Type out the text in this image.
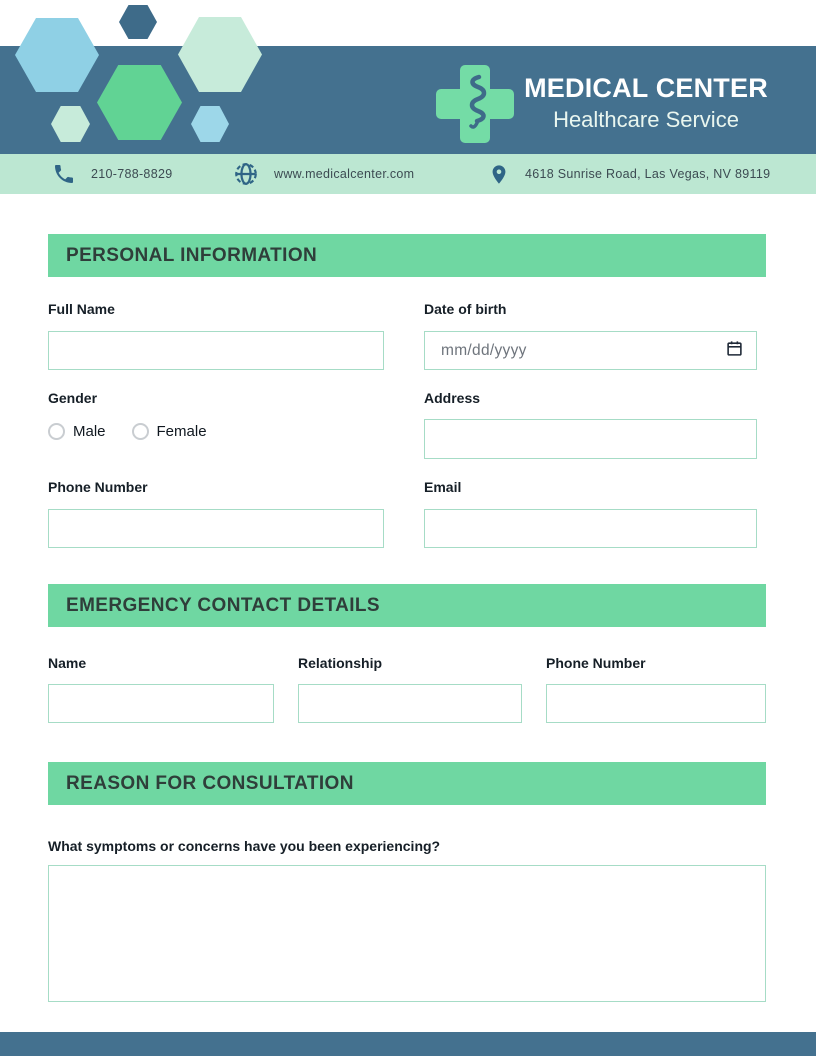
MEDICAL CENTER
Healthcare Service
210-788-8829	www.medicalcenter.com	4618 Sunrise Road, Las Vegas, NV 89119
PERSONAL INFORMATION
Full Name	Date of birth
mm/dd/yyyy
Gender
Male	Female
Address
Phone Number	Email
EMERGENCY CONTACT DETAILS
Name	Relationship	Phone Number
REASON FOR CONSULTATION
What symptoms or concerns have you been experiencing?
